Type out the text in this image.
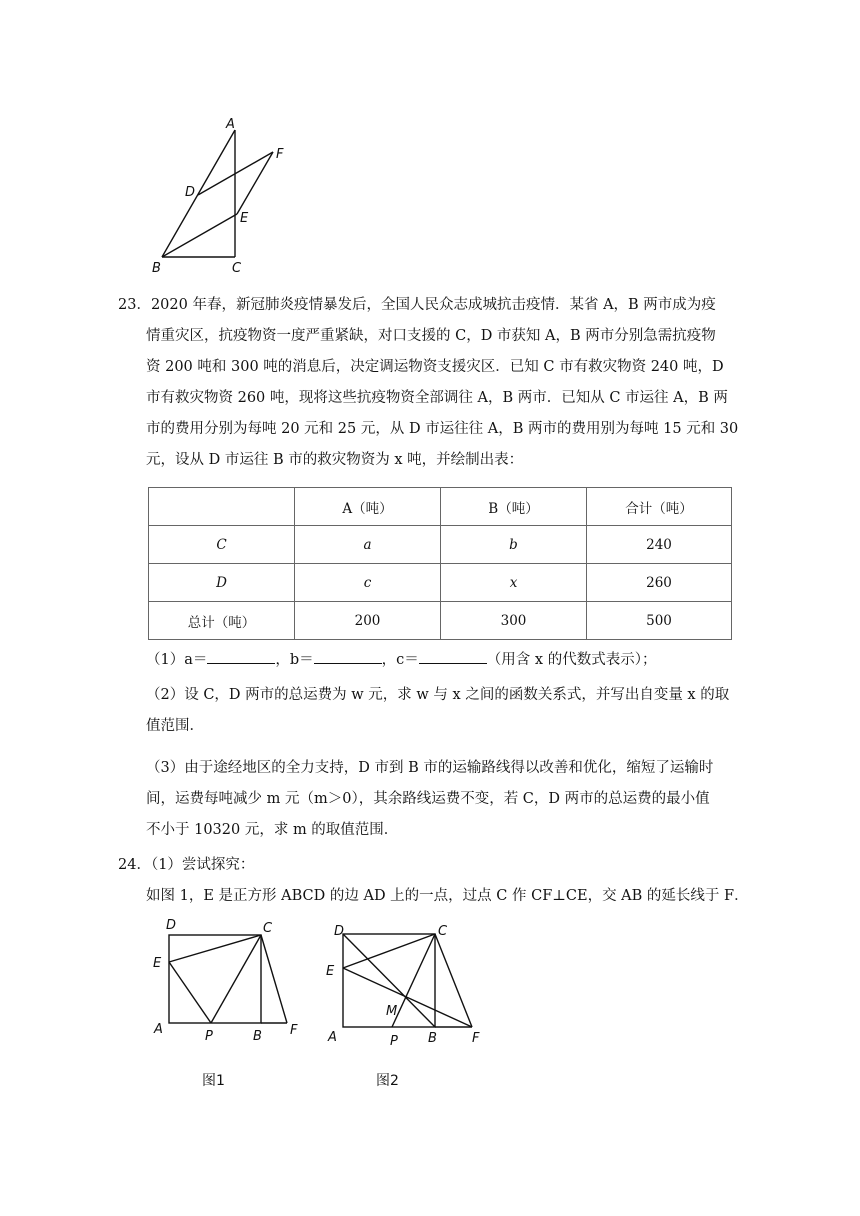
A
F
D
E
B	C
23．2020 年春，新冠肺炎疫情暴发后，全国人民众志成城抗击疫情．某省 A，B 两市成为疫
情重灾区，抗疫物资一度严重紧缺，对口支援的 C，D 市获知 A，B 两市分别急需抗疫物
资 200 吨和 300 吨的消息后，决定调运物资支援灾区．已知 C 市有救灾物资 240 吨，D
市有救灾物资 260 吨，现将这些抗疫物资全部调往 A，B 两市．已知从 C 市运往 A，B 两
市的费用分别为每吨 20 元和 25 元，从 D 市运往往 A，B 两市的费用别为每吨 15 元和 30
元，设从 D 市运往 B 市的救灾物资为 x 吨，并绘制出表：
	A（吨）	B（吨）	合计（吨）
C	a	b	240
D	c	x	260
总计（吨）	200	300	500
（1）a＝	，b＝	，c＝	（用含 x 的代数式表示）；
（2）设 C，D 两市的总运费为 w 元，求 w 与 x 之间的函数关系式，并写出自变量 x 的取
值范围．
（3）由于途经地区的全力支持，D 市到 B 市的运输路线得以改善和优化，缩短了运输时
间，运费每吨减少 m 元（m＞0），其余路线运费不变，若 C，D 两市的总运费的最小值
不小于 10320 元，求 m 的取值范围．
24．（1）尝试探究：
如图 1，E 是正方形 ABCD 的边 AD 上的一点，过点 C 作 CF⊥CE，交 AB 的延长线于 F．
D	C
E
A	P	B F
D	C
E
M
A	P B	F
图1	图2
